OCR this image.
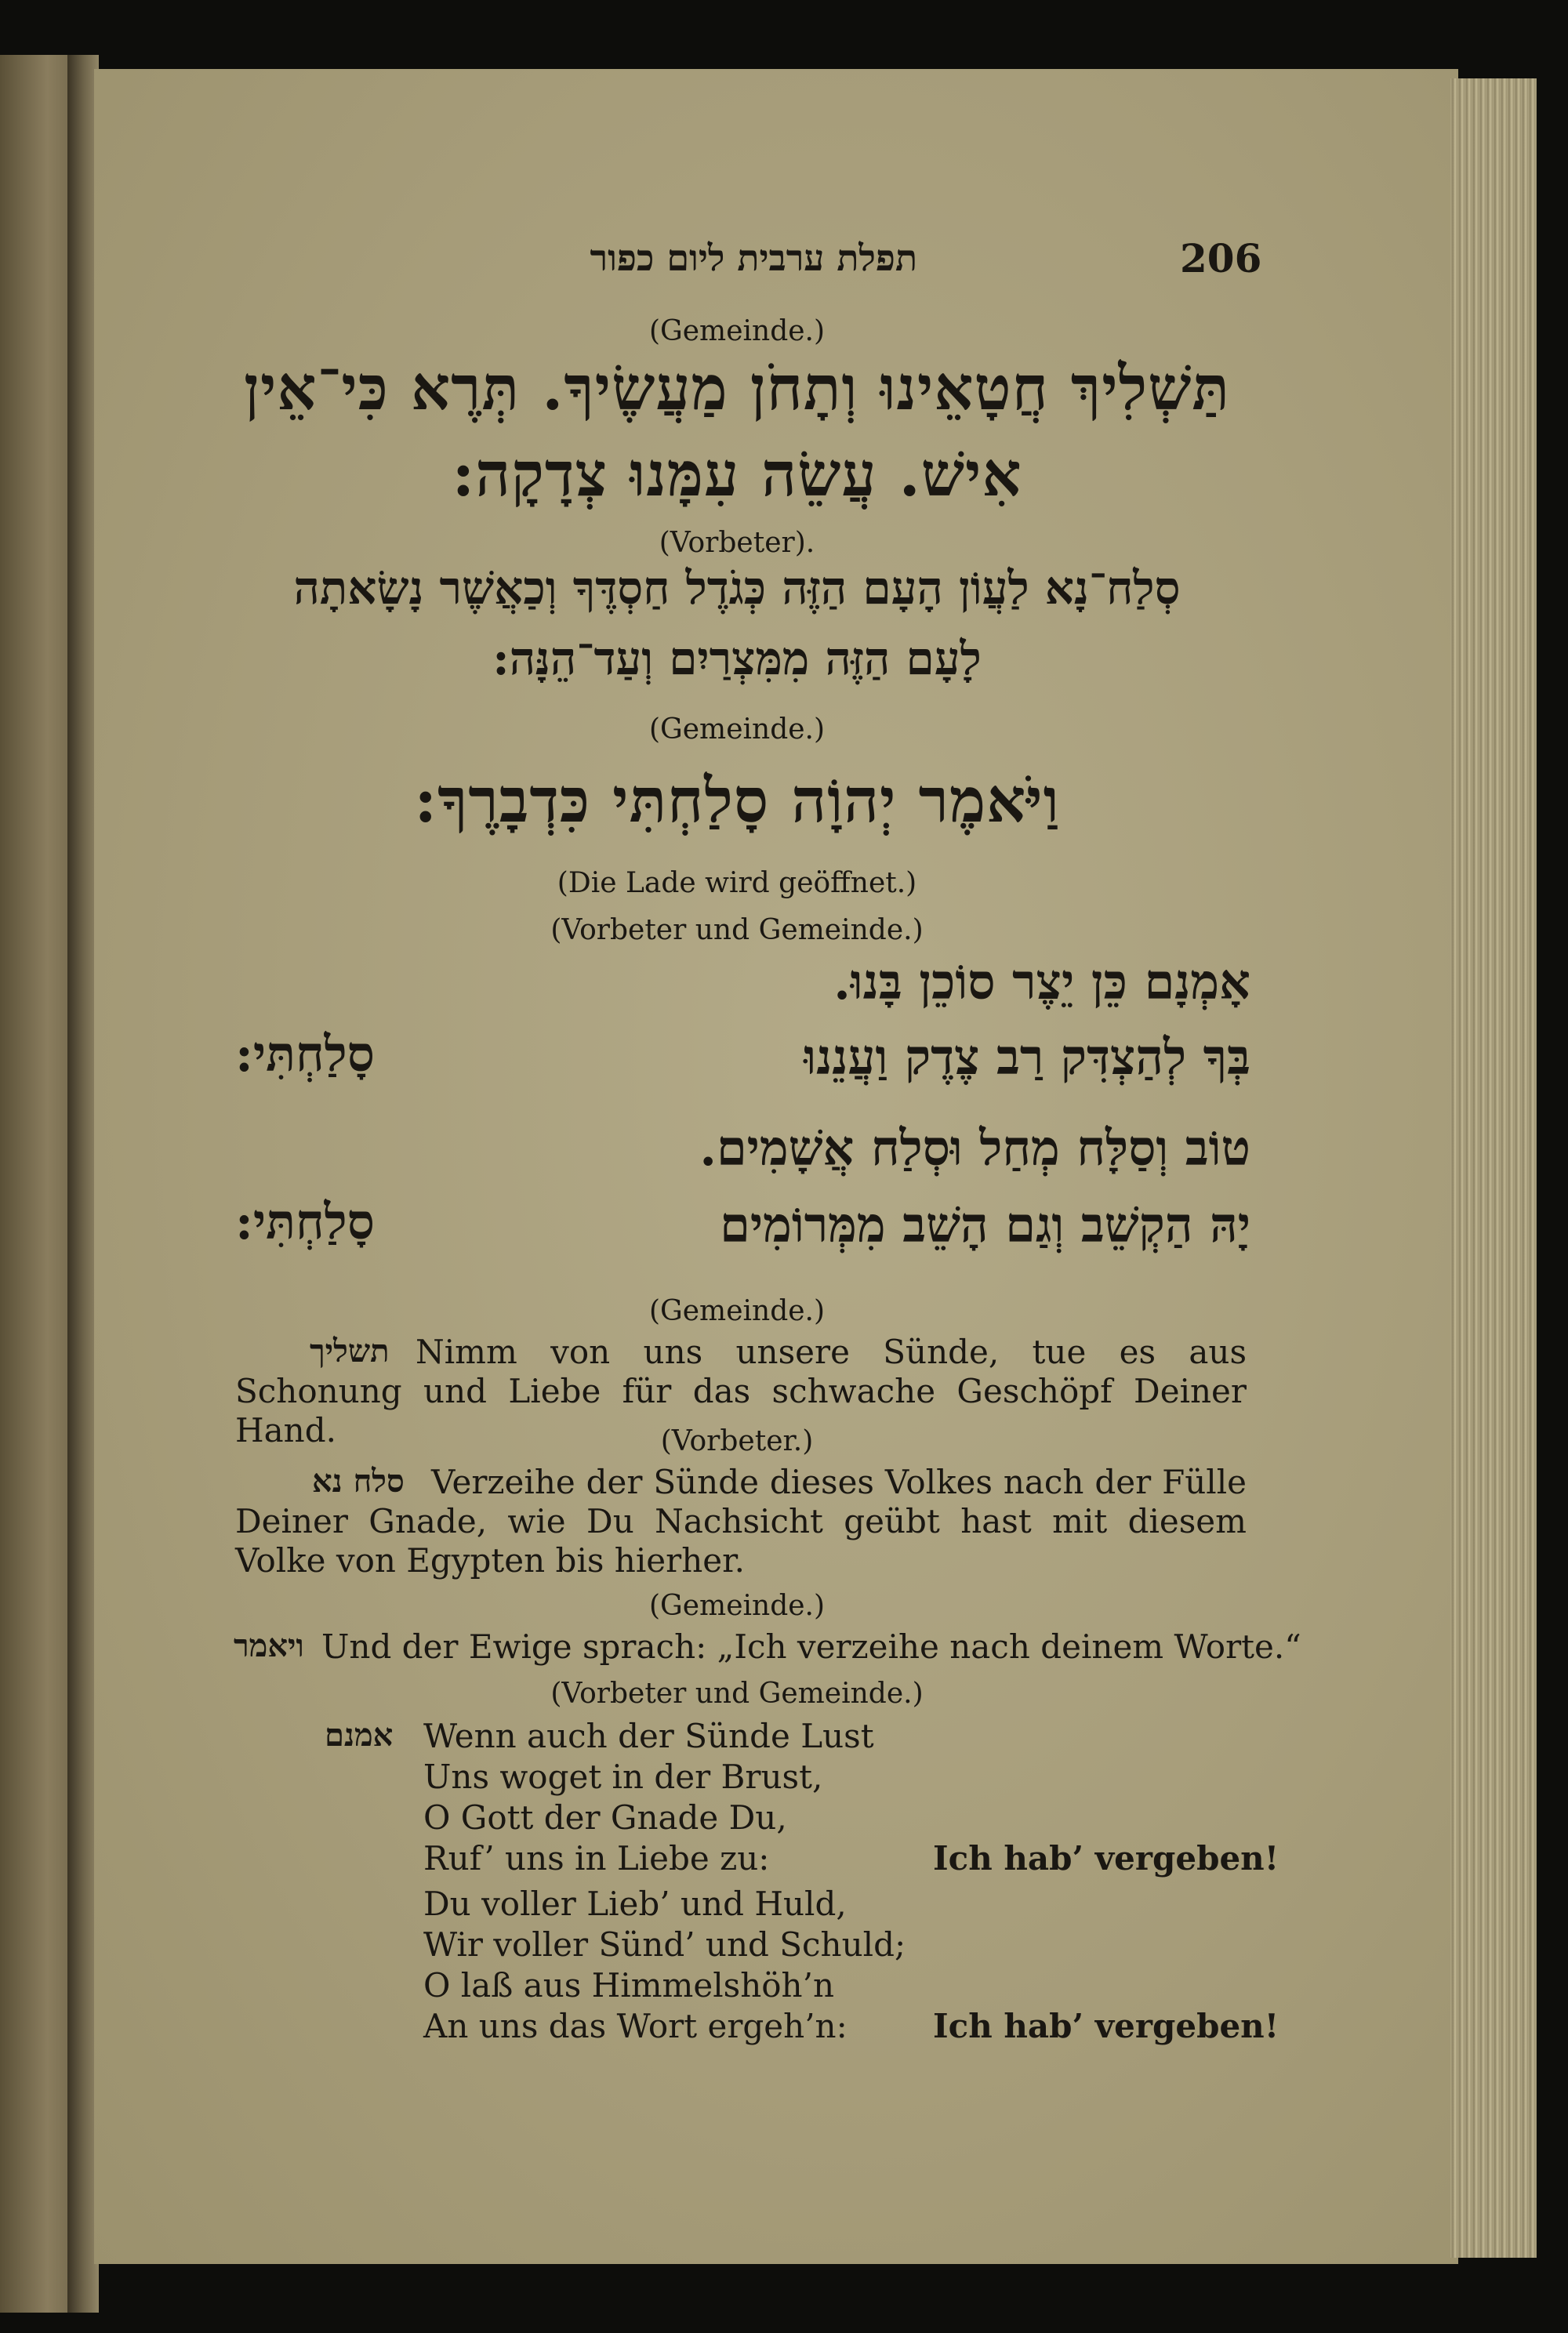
תפלת ערבית ליום כפור	206
(Gemeinde.)
תַּשְׁלִיךְ חֲטָאֵינוּ וְתָחֹן מַעֲשֶׂיךָ. תְּרֶא כִּי־אֵין
אִישׁ. עֲשֵׂה עִמָּנוּ צְדָקָה:
(Vorbeter).
סְלַח־נָא לַעֲוֹן הָעָם הַזֶּה כְּגֹדֶל חַסְדֶּךָ וְכַאֲשֶׁר נָשָׂאתָה
לָעָם הַזֶּה מִמִּצְרַיִם וְעַד־הֵנָּה:
(Gemeinde.)
וַיֹּאמֶר יְהוָֹה סָלַחְתִּי כִּדְבָרֶךָ:
(Die Lade wird geöffnet.)
(Vorbeter und Gemeinde.)
אָמְנָם כֵּן יֵצֶר סוֹכֵן בָּנוּ.
בְּךָ לְהַצְדִּק רַב צֶדֶק וַעֲנֵנוּ
סָלַחְתִּי:
טוֹב וְסַלָּח מְחַל וּסְלַח אֲשָׁמִים.
יָהּ הַקְשֵׁב וְגַם הָשֵׁב מִמְּרוֹמִים
סָלַחְתִּי:
(Gemeinde.)
Nimm von uns unsere Sünde, tue es aus Schonung und Liebe für das schwache Geschöpf Deiner Hand.
תשליך
(Vorbeter.)
Verzeihe der Sünde dieses Volkes nach der Fülle Deiner Gnade, wie Du Nachsicht geübt hast mit diesem Volke von Egypten bis hierher.
סלח נא
(Gemeinde.)
Und der Ewige sprach: „Ich verzeihe nach deinem Worte.“
ויאמר
(Vorbeter und Gemeinde.)
אמנם Wenn auch der Sünde Lust
Uns woget in der Brust,
O Gott der Gnade Du,
Ruf’ uns in Liebe zu:	Ich hab’ vergeben!
Du voller Lieb’ und Huld,
Wir voller Sünd’ und Schuld;
O laß aus Himmelshöh’n
An uns das Wort ergeh’n:	Ich hab’ vergeben!
